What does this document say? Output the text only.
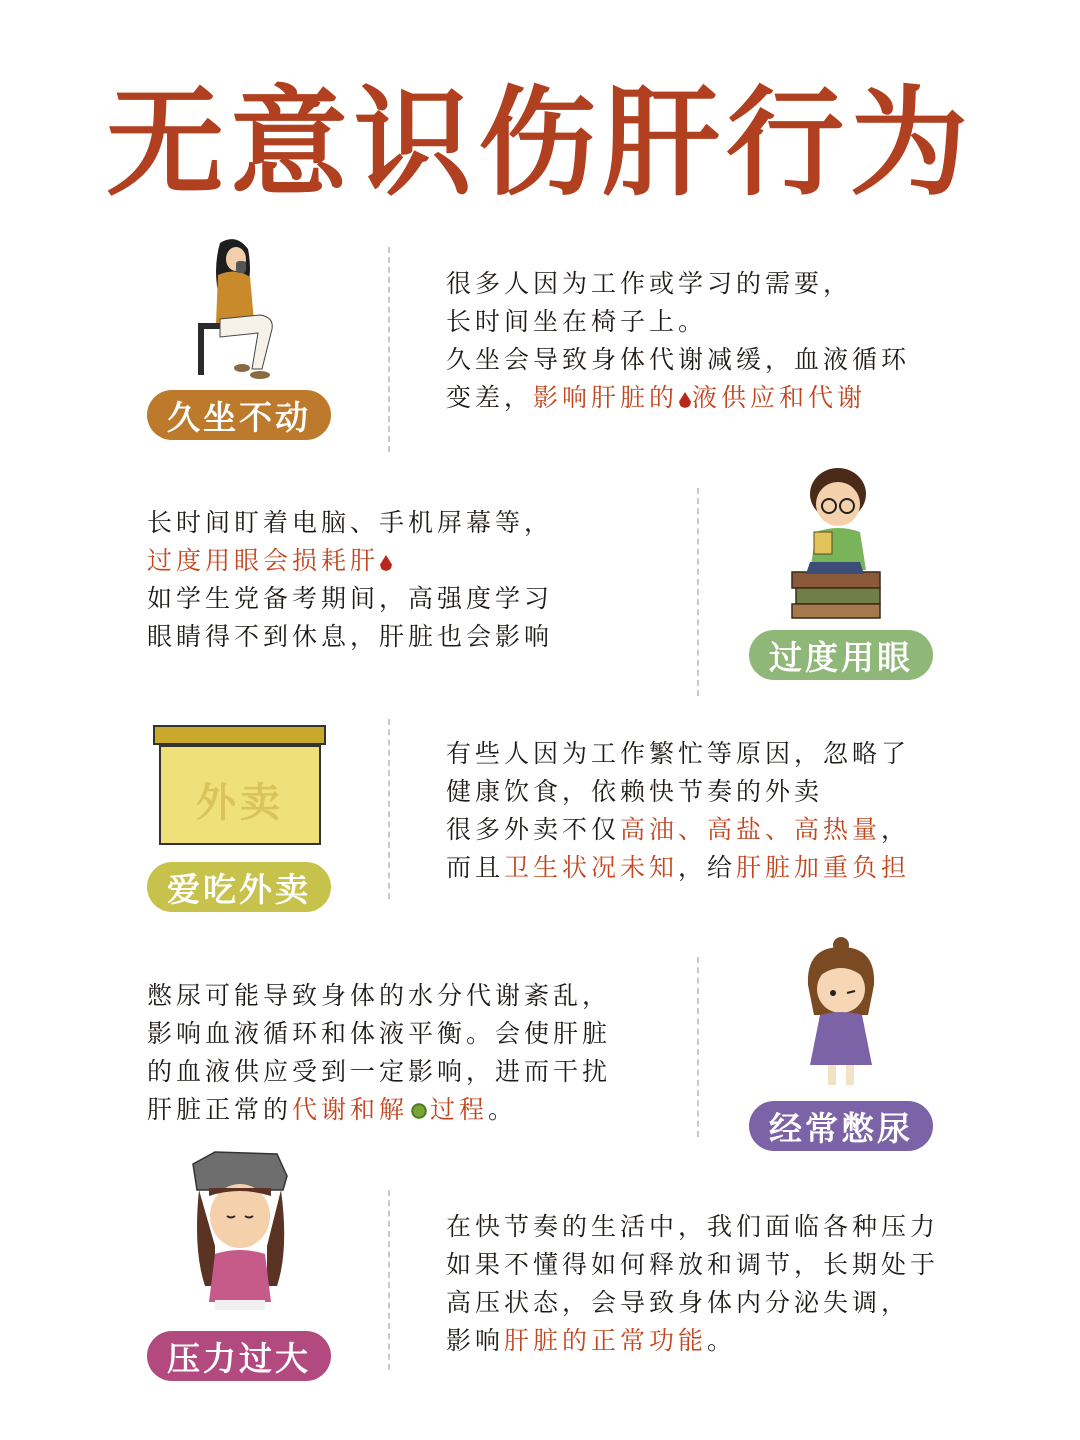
无意识伤肝行为
久坐不动
很多人因为工作或学习的需要，
长时间坐在椅子上。
久坐会导致身体代谢减缓，血液循环
变差，影响肝脏的 液供应和代谢
长时间盯着电脑、手机屏幕等，
过度用眼会损耗肝
如学生党备考期间，高强度学习
眼睛得不到休息，肝脏也会影响
过度用眼
外卖
爱吃外卖
有些人因为工作繁忙等原因，忽略了
健康饮食，依赖快节奏的外卖
很多外卖不仅高油、高盐、高热量，
而且卫生状况未知，给肝脏加重负担
憋尿可能导致身体的水分代谢紊乱，
影响血液循环和体液平衡。会使肝脏
的血液供应受到一定影响，进而干扰
肝脏正常的代谢和解 过程。	经常憋尿
压力过大
在快节奏的生活中，我们面临各种压力
如果不懂得如何释放和调节，长期处于
高压状态，会导致身体内分泌失调，
影响肝脏的正常功能。
